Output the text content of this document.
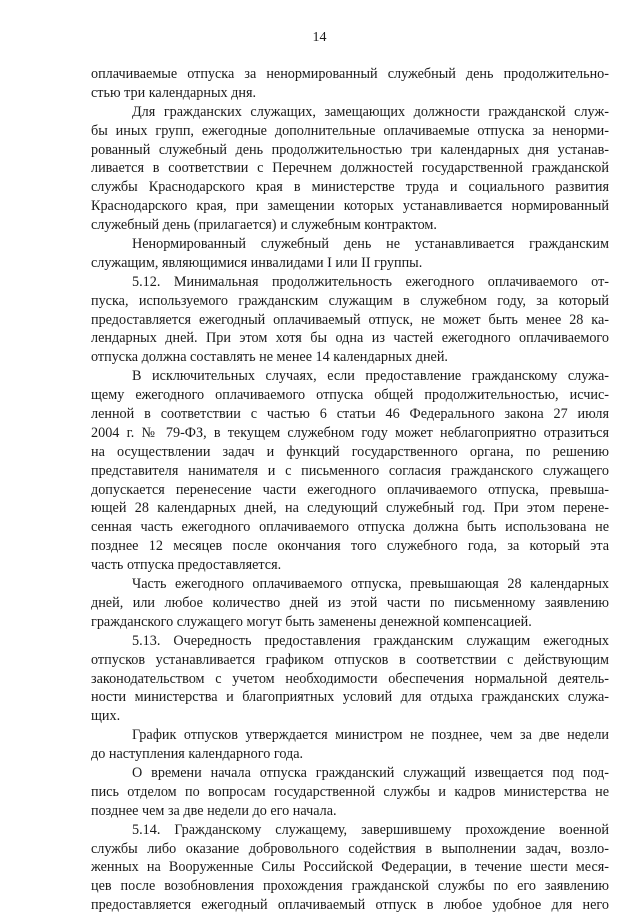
14
оплачиваемые отпуска за ненормированный служебный день продолжительно-
стью три календарных дня.
Для гражданских служащих, замещающих должности гражданской служ-
бы иных групп, ежегодные дополнительные оплачиваемые отпуска за ненорми-
рованный служебный день продолжительностью три календарных дня устанав-
ливается в соответствии с Перечнем должностей государственной гражданской
службы Краснодарского края в министерстве труда и социального развития
Краснодарского края, при замещении которых устанавливается нормированный
служебный день (прилагается) и служебным контрактом.
Ненормированный служебный день не устанавливается гражданским
служащим, являющимися инвалидами I или II группы.
5.12. Минимальная продолжительность ежегодного оплачиваемого от-
пуска, используемого гражданским служащим в служебном году, за который
предоставляется ежегодный оплачиваемый отпуск, не может быть менее 28 ка-
лендарных дней. При этом хотя бы одна из частей ежегодного оплачиваемого
отпуска должна составлять не менее 14 календарных дней.
В исключительных случаях, если предоставление гражданскому служа-
щему ежегодного оплачиваемого отпуска общей продолжительностью, исчис-
ленной в соответствии с частью 6 статьи 46 Федерального закона 27 июля
2004 г. № 79-ФЗ, в текущем служебном году может неблагоприятно отразиться
на осуществлении задач и функций государственного органа, по решению
представителя нанимателя и с письменного согласия гражданского служащего
допускается перенесение части ежегодного оплачиваемого отпуска, превыша-
ющей 28 календарных дней, на следующий служебный год. При этом перене-
сенная часть ежегодного оплачиваемого отпуска должна быть использована не
позднее 12 месяцев после окончания того служебного года, за который эта
часть отпуска предоставляется.
Часть ежегодного оплачиваемого отпуска, превышающая 28 календарных
дней, или любое количество дней из этой части по письменному заявлению
гражданского служащего могут быть заменены денежной компенсацией.
5.13. Очередность предоставления гражданским служащим ежегодных
отпусков устанавливается графиком отпусков в соответствии с действующим
законодательством с учетом необходимости обеспечения нормальной деятель-
ности министерства и благоприятных условий для отдыха гражданских служа-
щих.
График отпусков утверждается министром не позднее, чем за две недели
до наступления календарного года.
О времени начала отпуска гражданский служащий извещается под под-
пись отделом по вопросам государственной службы и кадров министерства не
позднее чем за две недели до его начала.
5.14. Гражданскому служащему, завершившему прохождение военной
службы либо оказание добровольного содействия в выполнении задач, возло-
женных на Вооруженные Силы Российской Федерации, в течение шести меся-
цев после возобновления прохождения гражданской службы по его заявлению
предоставляется ежегодный оплачиваемый отпуск в любое удобное для него
